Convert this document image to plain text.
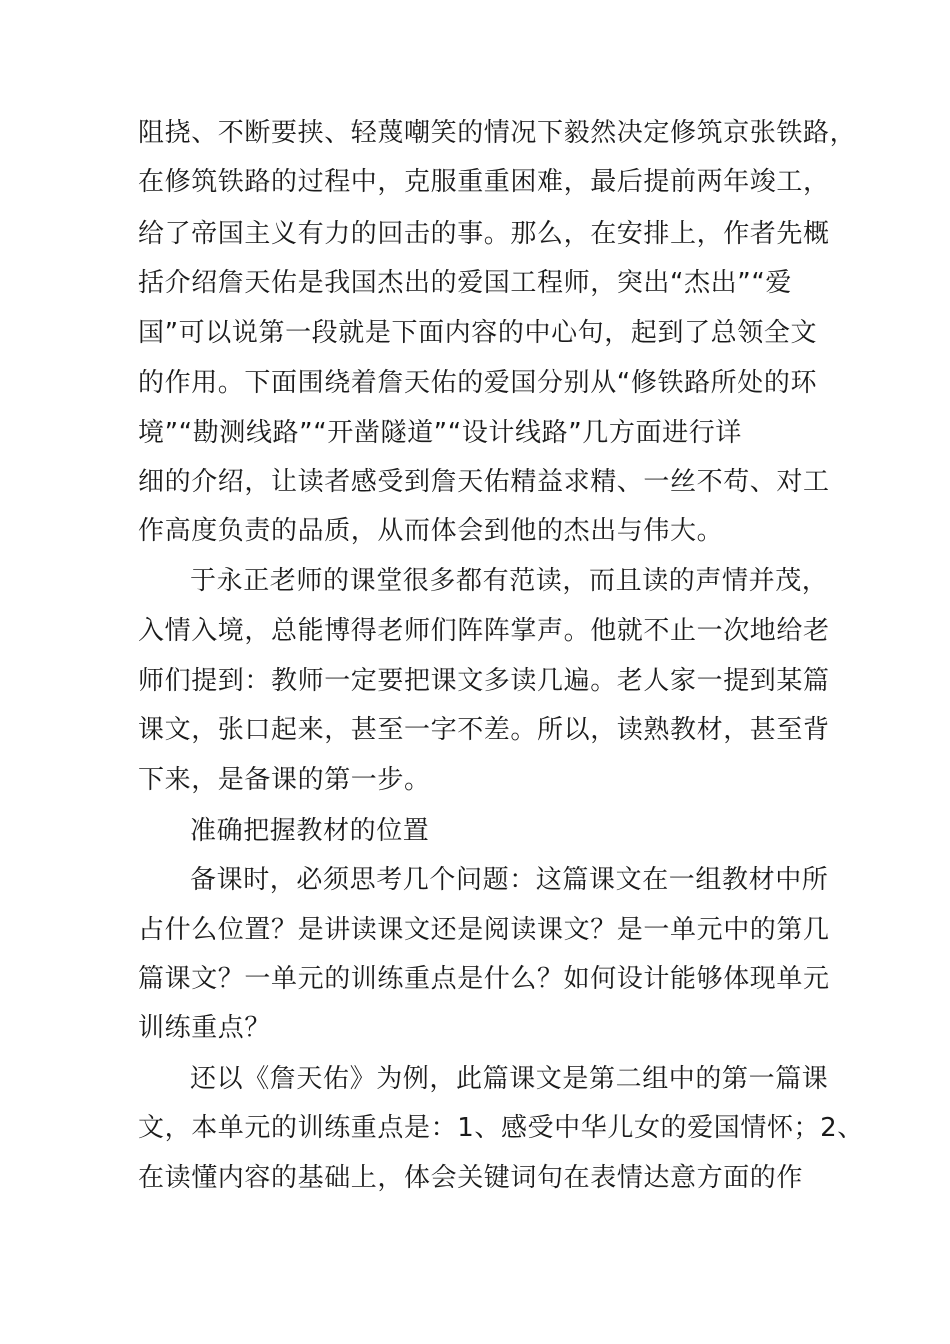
阻挠、不断要挟、轻蔑嘲笑的情况下毅然决定修筑京张铁路，

在修筑铁路的过程中，克服重重困难，最后提前两年竣工，

给了帝国主义有力的回击的事。那么，在安排上，作者先概

括介绍詹天佑是我国杰出的爱国工程师，突出“杰出”“爱

国”可以说第一段就是下面内容的中心句，起到了总领全文

的作用。下面围绕着詹天佑的爱国分别从“修铁路所处的环

境”“勘测线路”“开凿隧道”“设计线路”几方面进行详

细的介绍，让读者感受到詹天佑精益求精、一丝不苟、对工

作高度负责的品质，从而体会到他的杰出与伟大。

于永正老师的课堂很多都有范读，而且读的声情并茂，

入情入境，总能博得老师们阵阵掌声。他就不止一次地给老

师们提到：教师一定要把课文多读几遍。老人家一提到某篇

课文，张口起来，甚至一字不差。所以，读熟教材，甚至背

下来，是备课的第一步。

准确把握教材的位置

备课时，必须思考几个问题：这篇课文在一组教材中所

占什么位置？是讲读课文还是阅读课文？是一单元中的第几

篇课文？一单元的训练重点是什么？如何设计能够体现单元

训练重点？

还以《詹天佑》为例，此篇课文是第二组中的第一篇课

文，本单元的训练重点是：1、感受中华儿女的爱国情怀；2、

在读懂内容的基础上，体会关键词句在表情达意方面的作
